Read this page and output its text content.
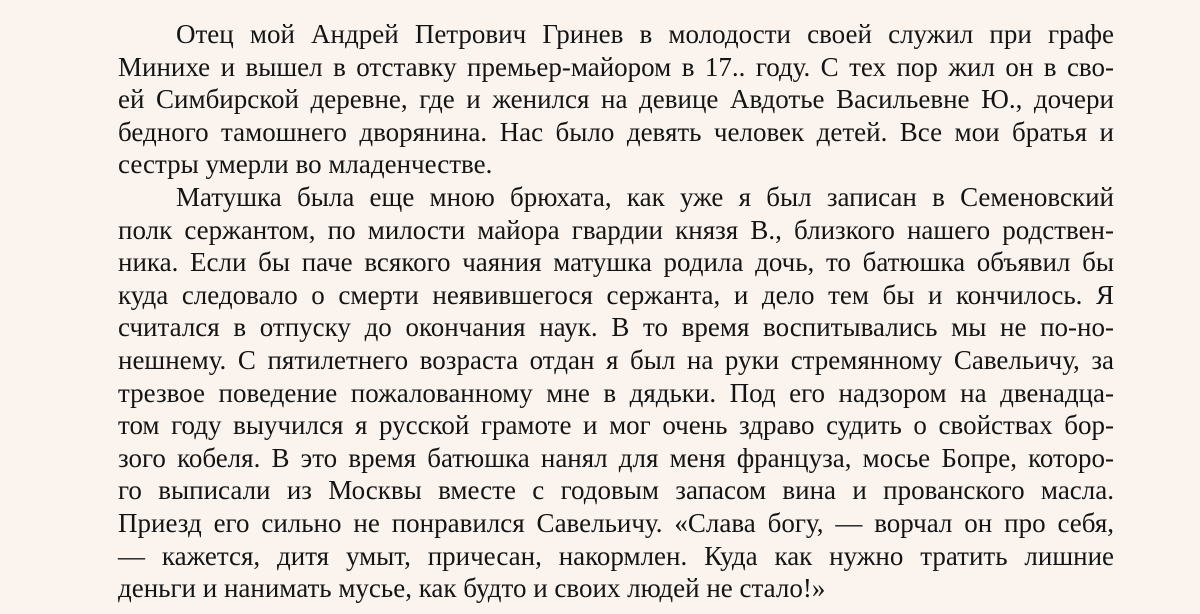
Отец мой Андрей Петрович Гринев в молодости своей служил при графе
Минихе и вышел в отставку премьер-майором в 17.. году. С тех пор жил он в сво-
ей Симбирской деревне, где и женился на девице Авдотье Васильевне Ю., дочери
бедного тамошнего дворянина. Нас было девять человек детей. Все мои братья и
сестры умерли во младенчестве.
Матушка была еще мною брюхата, как уже я был записан в Семеновский
полк сержантом, по милости майора гвардии князя В., близкого нашего родствен-
ника. Если бы паче всякого чаяния матушка родила дочь, то батюшка объявил бы
куда следовало о смерти неявившегося сержанта, и дело тем бы и кончилось. Я
считался в отпуску до окончания наук. В то время воспитывались мы не по-но-
нешнему. С пятилетнего возраста отдан я был на руки стремянному Савельичу, за
трезвое поведение пожалованному мне в дядьки. Под его надзором на двенадца-
том году выучился я русской грамоте и мог очень здраво судить о свойствах бор-
зого кобеля. В это время батюшка нанял для меня француза, мосье Бопре, которо-
го выписали из Москвы вместе с годовым запасом вина и прованского масла.
Приезд его сильно не понравился Савельичу. «Слава богу, — ворчал он про себя,
— кажется, дитя умыт, причесан, накормлен. Куда как нужно тратить лишние
деньги и нанимать мусье, как будто и своих людей не стало!»
